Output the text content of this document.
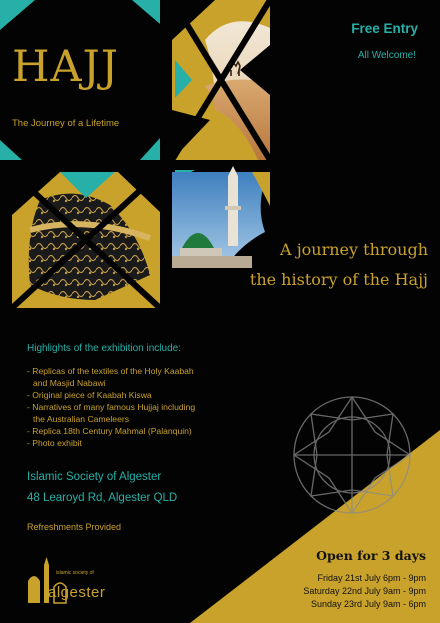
Free Entry
All Welcome!
HAJJ
The Journey of a Lifetime
A journey through
the history of the Hajj
Highlights of the exhibition include:
- Replicas of the textiles of the Holy Kaabah
and Masjid Nabawi
- Original piece of Kaabah Kiswa
- Narratives of many famous Hujjaj including
the Australian Cameleers
- Replica 18th Century Mahmal (Palanquin)
- Photo exhibit
Islamic Society of Algester
48 Learoyd Rd, Algester QLD
Refreshments Provided
islamic society of
algester
Open for 3 days
Friday 21st July 6pm - 9pm
Saturday 22nd July 9am - 9pm
Sunday 23rd July 9am - 6pm
